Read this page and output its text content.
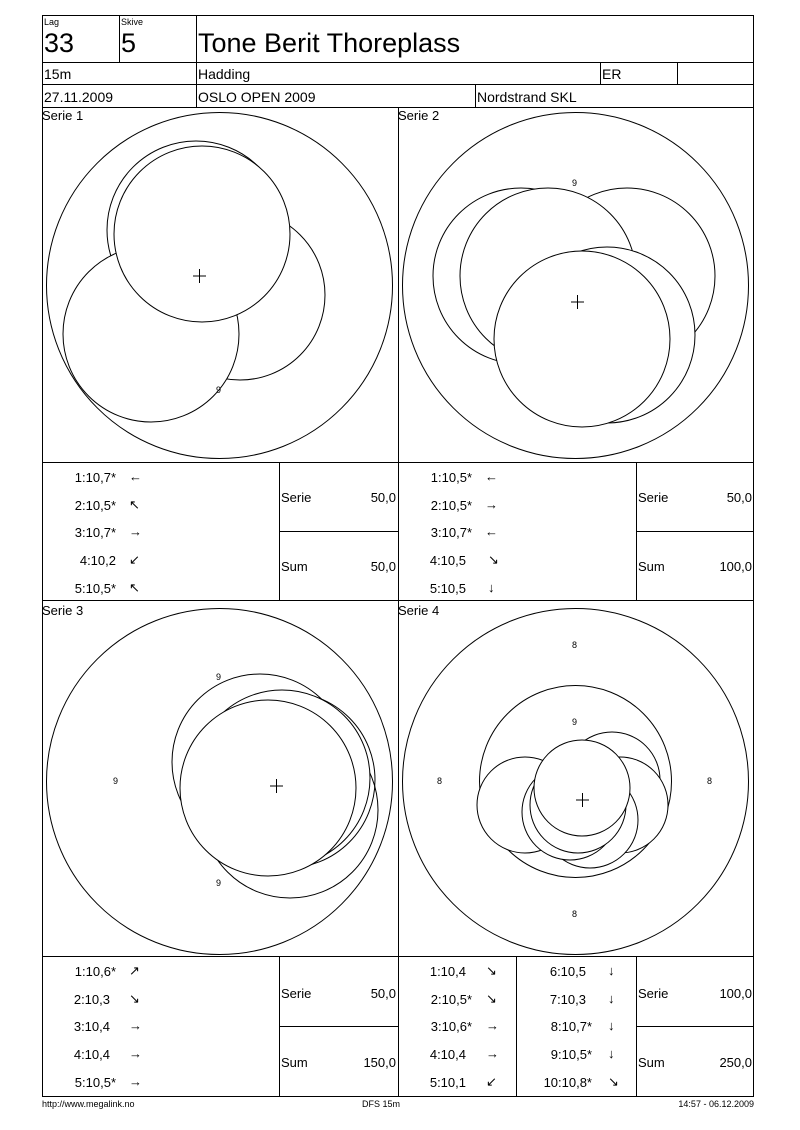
Lag
33
Skive
5 Tone Berit Thoreplass
15m	Hadding	ER
27.11.2009	OSLO OPEN 2009	Nordstrand SKL
Serie 1	Serie 2
Serie 3	Serie 4
9
9
9
9
9
8
9
8	8
8
1:10,7* ←
2:10,5* ↖
3:10,7* →
4:10,2 ↙
5:10,5* ↖
Serie	50,0
Sum	50,0
1:10,5* ←
2:10,5* →
3:10,7* ←
4:10,5 ↘
5:10,5 ↓
Serie	50,0
Sum	100,0
1:10,6* ↗
2:10,3 ↘
3:10,4 →
4:10,4 →
5:10,5* →
Serie	50,0
Sum	150,0
1:10,4 ↘
2:10,5* ↘
3:10,6* →
4:10,4 →
5:10,1 ↙
6:10,5 ↓
7:10,3 ↓
8:10,7* ↓
9:10,5* ↓
10:10,8* ↘
Serie	100,0
Sum	250,0
http://www.megalink.no	DFS 15m	14:57 - 06.12.2009
